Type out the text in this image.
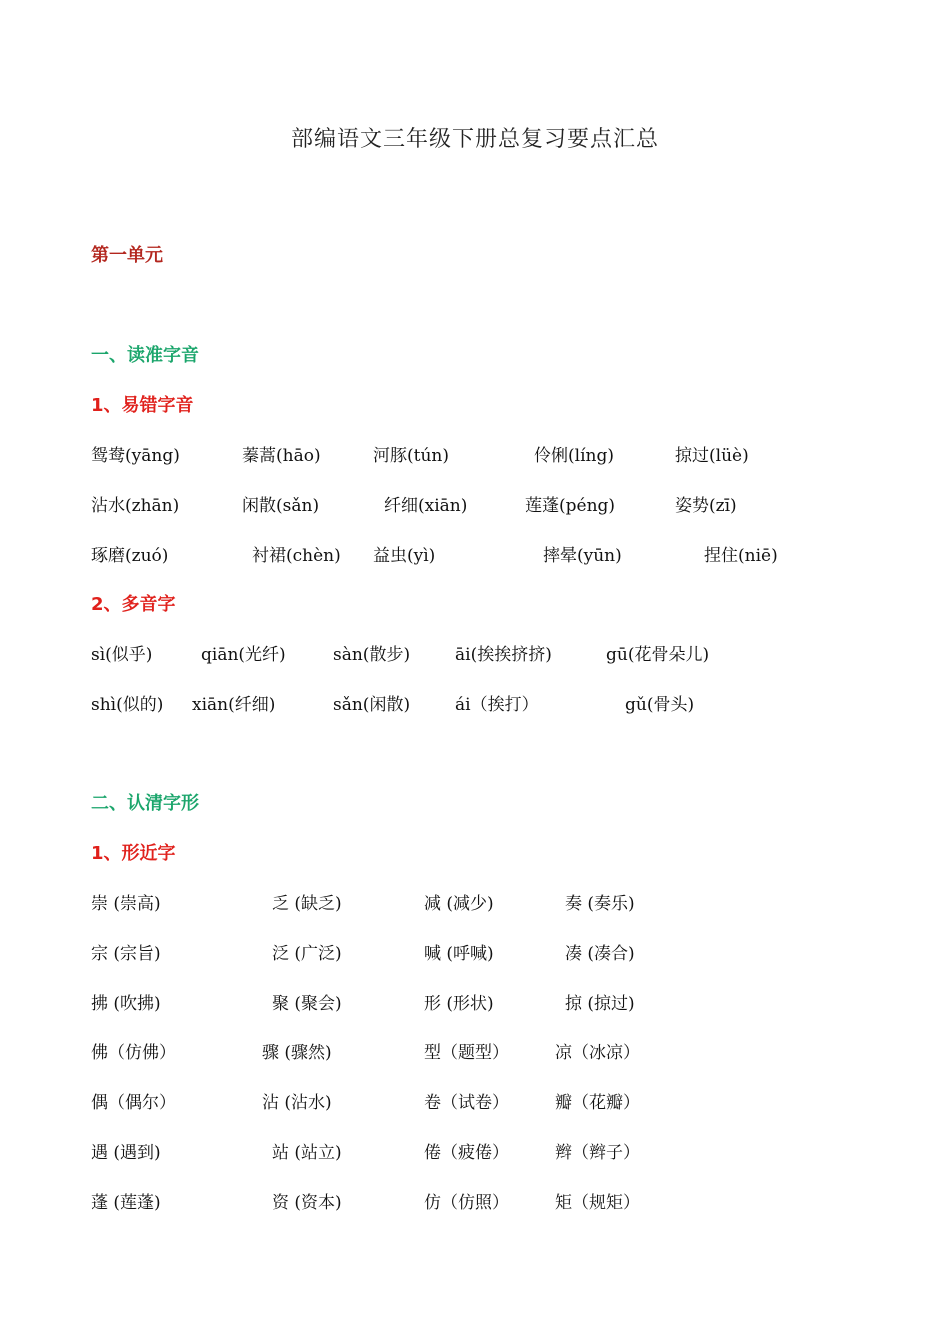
部编语文三年级下册总复习要点汇总
第一单元
一、读准字音
1、易错字音
鸳鸯(yāng)	蓁蒿(hāo)	河豚(tún)	伶俐(líng)	掠过(lüè)
沾水(zhān)	闲散(sǎn)	纤细(xiān)	莲蓬(péng)	姿势(zī)
琢磨(zuó)	衬裙(chèn) 益虫(yì)	摔晕(yūn)	捏住(niē)
2、多音字
sì(似乎)	qiān(光纤)	sàn(散步)	āi(挨挨挤挤)	gū(花骨朵儿)
shì(似的) xiān(纤细)	sǎn(闲散)	ái（挨打）	gǔ(骨头)
二、认清字形
1、形近字
崇 (崇高)	乏 (缺乏)	减 (减少)	奏 (奏乐)
宗 (宗旨)	泛 (广泛)	喊 (呼喊)	凑 (凑合)
拂 (吹拂)	聚 (聚会)	形 (形状)	掠 (掠过)
佛（仿佛）	骤 (骤然)	型（题型）	凉（冰凉）
偶（偶尔）	沾 (沾水)	卷（试卷）	瓣（花瓣）
遇 (遇到)	站 (站立)	倦（疲倦）	辫（辫子）
蓬 (莲蓬)	资 (资本)	仿（仿照）	矩（规矩）
